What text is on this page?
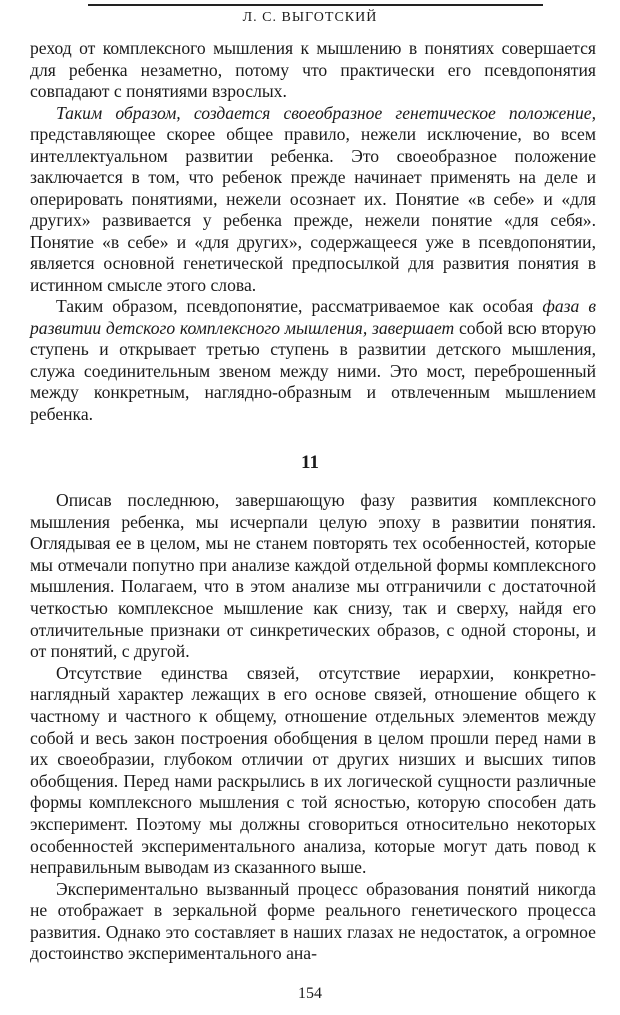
Л. С. ВЫГОТСКИЙ

реход от комплексного мышления к мышлению в понятиях совершается для ребенка незаметно, потому что практически его псевдопонятия совпадают с понятиями взрослых.

Таким образом, создается своеобразное генетическое положение, представляющее скорее общее правило, нежели исключение, во всем интеллектуальном развитии ребенка. Это своеобразное положение заключается в том, что ребенок прежде начинает применять на деле и оперировать понятиями, нежели осознает их. Понятие «в себе» и «для других» развивается у ребенка прежде, нежели понятие «для себя». Понятие «в себе» и «для других», содержащееся уже в псевдопонятии, является основной генетической предпосылкой для развития понятия в истинном смысле этого слова.

Таким образом, псевдопонятие, рассматриваемое как особая фаза в развитии детского комплексного мышления, завершает собой всю вторую ступень и открывает третью ступень в развитии детского мышления, служа соединительным звеном между ними. Это мост, переброшенный между конкретным, наглядно-образным и отвлеченным мышлением ребенка.

11

Описав последнюю, завершающую фазу развития комплексного мышления ребенка, мы исчерпали целую эпоху в развитии понятия. Оглядывая ее в целом, мы не станем повторять тех особенностей, которые мы отмечали попутно при анализе каждой отдельной формы комплексного мышления. Полагаем, что в этом анализе мы отграничили с достаточной четкостью комплексное мышление как снизу, так и сверху, найдя его отличительные признаки от синкретических образов, с одной стороны, и от понятий, с другой.

Отсутствие единства связей, отсутствие иерархии, конкретно-наглядный характер лежащих в его основе связей, отношение общего к частному и частного к общему, отношение отдельных элементов между собой и весь закон построения обобщения в целом прошли перед нами в их своеобразии, глубоком отличии от других низших и высших типов обобщения. Перед нами раскрылись в их логической сущности различные формы комплексного мышления с той ясностью, которую способен дать эксперимент. Поэтому мы должны сговориться относительно некоторых особенностей экспериментального анализа, которые могут дать повод к неправильным выводам из сказанного выше.

Экспериментально вызванный процесс образования понятий никогда не отображает в зеркальной форме реального генетического процесса развития. Однако это составляет в наших глазах не недостаток, а огромное достоинство экспериментального ана-

154
